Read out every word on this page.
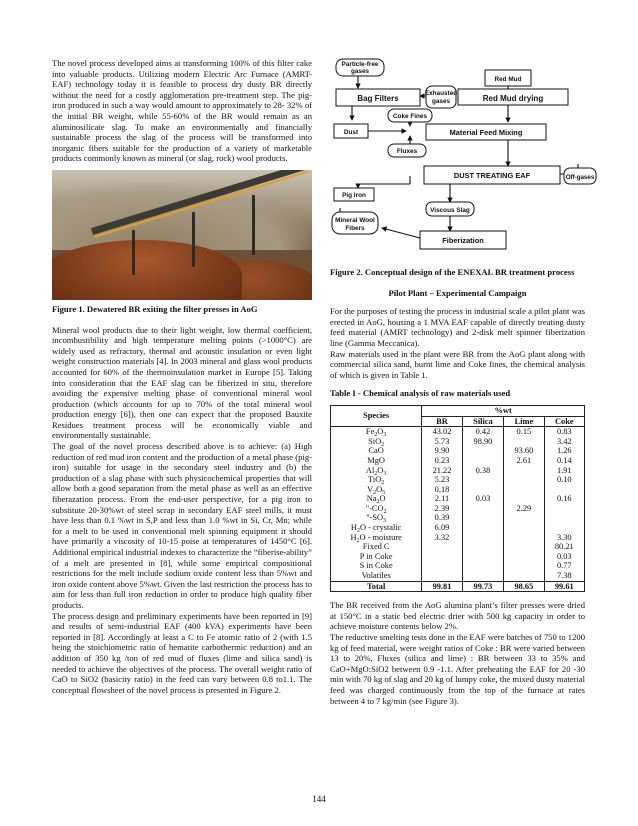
The novel process developed aims at transforming 100% of this filter cake into valuable products. Utilizing modern Electric Arc Furnace (AMRT-EAF) technology today it is feasible to process dry dusty BR directly without the need for a costly agglomeration pre-treatment step. The pig-iron produced in such a way would amount to approximately to 28- 32% of the initial BR weight, while 55-60% of the BR would remain as an aluminosilicate slag. To make an environmentally and financially sustainable process the slag of the process will be transformed into inorganic fibers suitable for the production of a variety of marketable products commonly known as mineral (or slag, rock) wool products.

Figure 1. Dewatered BR exiting the filter presses in AoG

Mineral wool products due to their light weight, low thermal coefficient, incombustibility and high temperature melting points (>1000°C) are widely used as refractory, thermal and acoustic insulation or even light weight construction materials [4]. In 2003 mineral and glass wool products accounted for 60% of the thermoinsulation market in Europe [5]. Taking into consideration that the EAF slag can be fiberized in situ, therefore avoiding the expensive melting phase of conventional mineral wool production (which accounts for up to 70% of the total mineral wool production energy [6]), then one can expect that the proposed Bauxite Residues treatment process will be economically viable and environmentally sustainable.

The goal of the novel process described above is to achieve: (a) High reduction of red mud iron content and the production of a metal phase (pig-iron) suitable for usage in the secondary steel industry and (b) the production of a slag phase with such physicochemical properties that will allow both a good separation from the metal phase as well as an effective fiberazation process. From the end-user perspective, for a pig iron to substitute 20-30%wt of steel scrap in secondary EAF steel mills, it must have less than 0.1 %wt in S,P and less than 1.0 %wt in Si, Cr, Mn; while for a melt to be used in conventional melt spinning equipment it should have primarily a viscosity of 10-15 poise at temperatures of 1450°C [6]. Additional empirical industrial indexes to characterize the “fiberise-ability” of a melt are presented in [8], while some empirical compositional restrictions for the melt include sodium oxide content less than 5%wt and iron oxide content above 5%wt. Given the last restriction the process has to aim for less than full iron reduction in order to produce high quality fiber products.

The process design and preliminary experiments have been reported in [9] and results of semi-industrial EAF (400 kVA) experiments have been reported in [8]. Accordingly at least a C to Fe atomic ratio of 2 (with 1.5 being the stoichiometric ratio of hematite carbothermic reduction) and an addition of 350 kg /ton of red mud of fluxes (lime and silica sand) is needed to achieve the objectives of the process. The overall weight ratio of CaO to SiO2 (basicity ratio) in the feed can vary between 0.8 to1.1. The conceptual flowsheet of the novel process is presented in Figure 2.

Particle-free
gases
Red Mud
Bag Filters
Exhausted
gases	Red Mud drying
Coke Fines
Dust	Material Feed Mixing
Fluxes
DUST TREATING EAF
Pig Iron
Viscous Slag
Mineral Wool
Fibers
Fiberization
Off-gases

Figure 2. Conceptual design of the ENEXAL BR treatment process

Pilot Plant – Experimental Campaign

For the purposes of testing the process in industrial scale a pilot plant was erected in AoG, housing a 1 MVA EAF capable of directly treating dusty feed material (AMRT technology) and 2-disk melt spinner fiberization line (Gamma Meccanica).

Raw materials used in the plant were BR from the AoG plant along with commercial silica sand, burnt lime and Coke fines, the chemical analysis of which is given in Table 1.

Table I - Chemical analysis of raw materials used

Species	%wt			
	BR	Silica	Lime	Coke
$Fe_2O_3$	43.02	0.42	0.15	0.83
SiO$_2$	5.73	98.90		3.42
CaO	9.90		93.60	1.26
MgO	0.23		2.61	0.14
$Al_2O_3$	21.22	0.38		1.91
TiO$_2$	5.23			0.10
$V_2O_5$	0.18			
$Na_2O$	2.11	0.03		0.16
"$-CO_2$	2.39		2.29	
"$-SO_3$	0.39			
$H_2O$ - crystalic	6.09			
$H_2O$ - moisture	3.32			3.30
Fixed C				80.21
P in Coke				0.03
S in Coke				0.77
Volatiles				7.38
Total	99.81	99.73	98.65	99.61

The BR received from the AoG alumina plant’s filter presses were dried at 150°C in a static bed electric drier with 500 kg capacity in order to achieve moisture contents below 2%.

The reductive smelting tests done in the EAF were batches of 750 to 1200 kg of feed material, were weight ratios of Coke : BR were varied between 13 to 20%, Fluxes (silica and lime) : BR between 33 to 35% and CaO+MgO:SiO2 between 0.9 -1.1. After preheating the EAF for 20 -30 min with 70 kg of slag and 20 kg of lumpy coke, the mixed dusty material feed was charged continuously from the top of the furnace at rates between 4 to 7 kg/min (see Figure 3).

144
